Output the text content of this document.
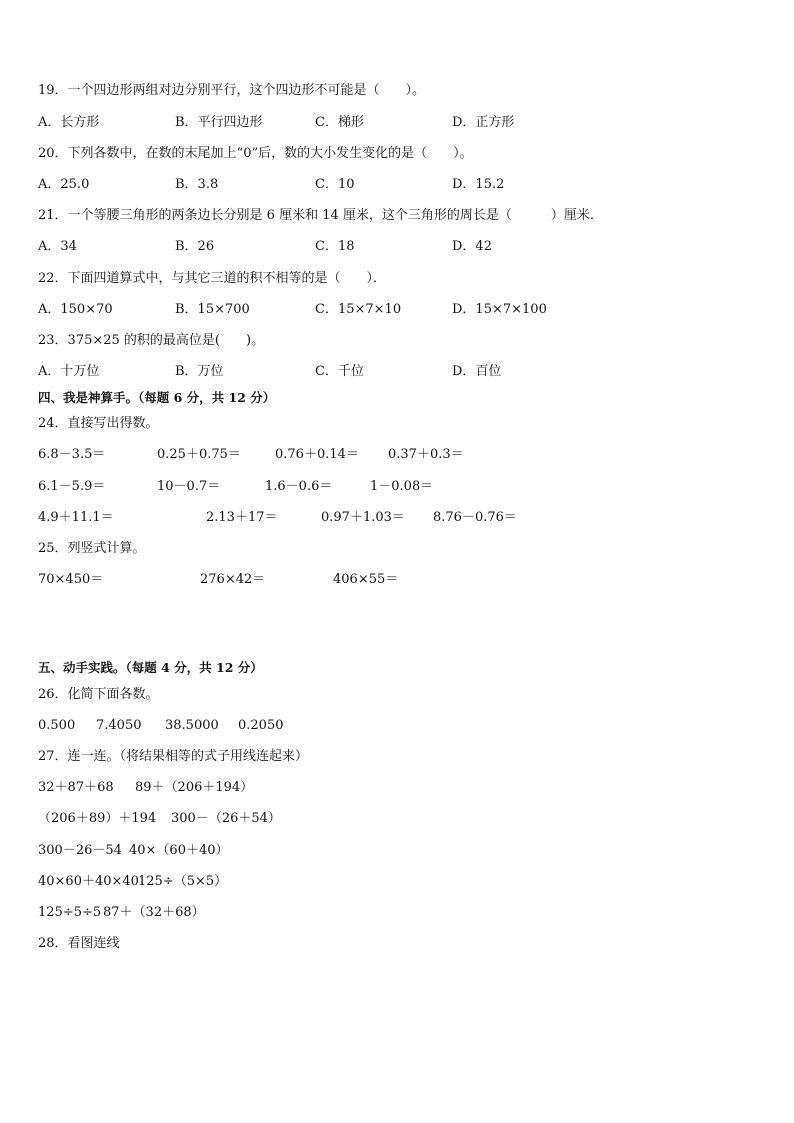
19．一个四边形两组对边分别平行，这个四边形不可能是（　　）。
A．长方形	B．平行四边形	C．梯形	D．正方形
20．下列各数中，在数的末尾加上“0”后，数的大小发生变化的是（　　）。
A．25.0	B．3.8	C．10	D．15.2
21．一个等腰三角形的两条边长分别是 6 厘米和 14 厘米，这个三角形的周长是（　　　）厘米．
A．34	B．26	C．18	D．42
22．下面四道算式中，与其它三道的积不相等的是（　　）．
A．150×70	B．15×700	C．15×7×10	D．15×7×100
23．375×25 的积的最高位是(　　)。
A．十万位	B．万位	C．千位	D．百位
四、我是神算手。（每题 6 分，共 12 分）
24．直接写出得数。
6.8－3.5＝	0.25＋0.75＝	0.76＋0.14＝ 0.37＋0.3＝
6.1－5.9＝	10－0.7＝	1.6－0.6＝	1－0.08＝
4.9＋11.1＝	2.13＋17＝	0.97＋1.03＝ 8.76－0.76＝
25．列竖式计算。
70×450＝	276×42＝	406×55＝
五、动手实践。（每题 4 分，共 12 分）
26．化简下面各数。
0.500 7.4050 38.5000 0.2050
27．连一连。（将结果相等的式子用线连起来）
32＋87＋68 89＋（206＋194）
（206＋89）＋194 300－（26＋54）
300－26－54 40×（60＋40）
40×60＋40×40 125÷（5×5）
125÷5÷5 87＋（32＋68）
28．看图连线
